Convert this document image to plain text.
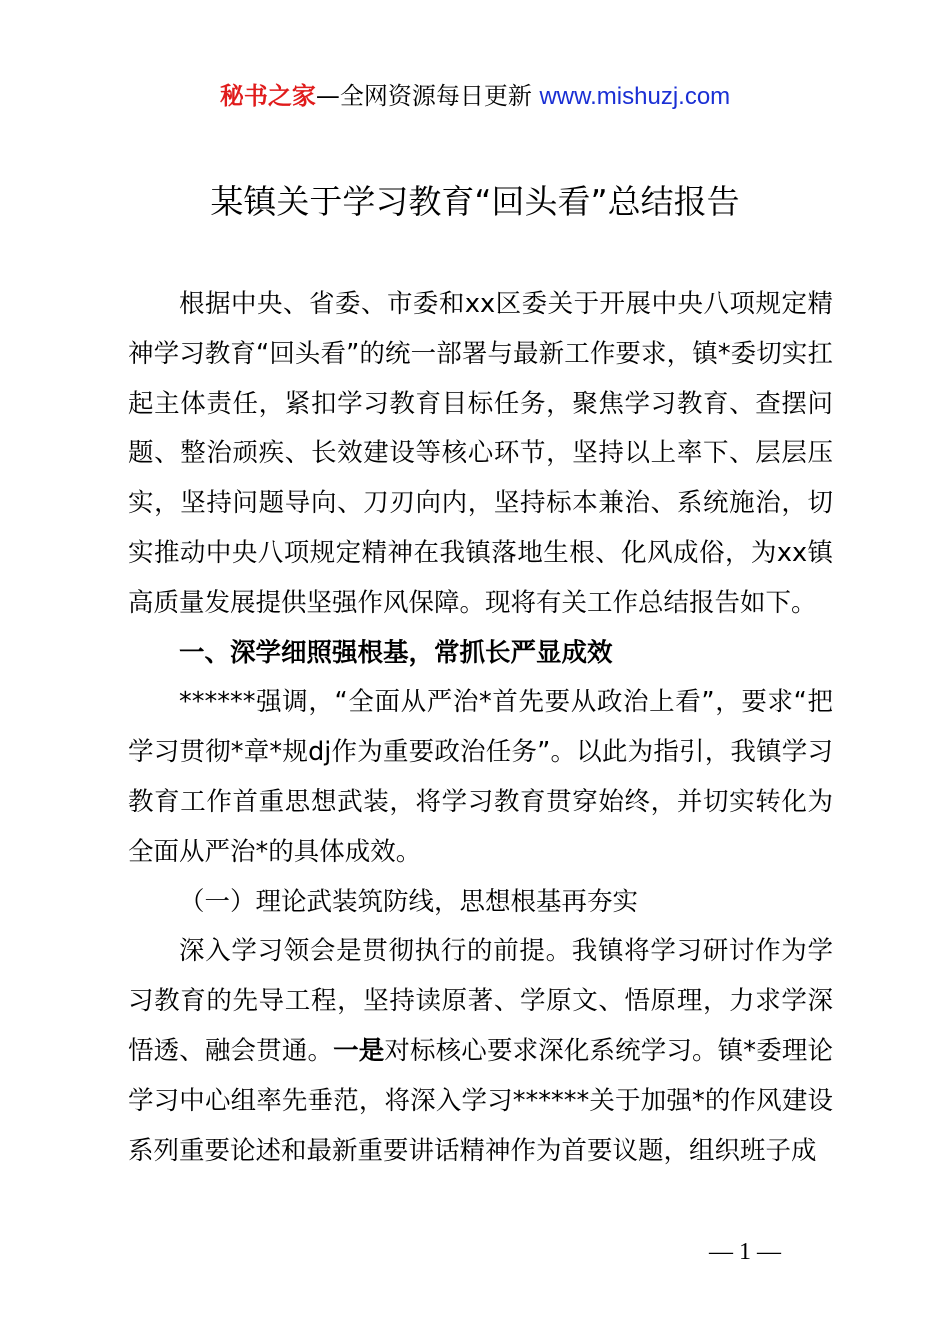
秘书之家—全网资源每日更新 www.mishuzj.com
某镇关于学习教育“回头看”总结报告

根据中央、省委、市委和xx区委关于开展中央八项规定精神学习教育“回头看”的统一部署与最新工作要求，镇*委切实扛起主体责任，紧扣学习教育目标任务，聚焦学习教育、查摆问题、整治顽疾、长效建设等核心环节，坚持以上率下、层层压实，坚持问题导向、刀刃向内，坚持标本兼治、系统施治，切实推动中央八项规定精神在我镇落地生根、化风成俗，为xx镇高质量发展提供坚强作风保障。现将有关工作总结报告如下。

一、深学细照强根基，常抓长严显成效

******强调，“全面从严治*首先要从政治上看”，要求“把学习贯彻*章*规dj作为重要政治任务”。以此为指引，我镇学习教育工作首重思想武装，将学习教育贯穿始终，并切实转化为全面从严治*的具体成效。

（一）理论武装筑防线，思想根基再夯实

深入学习领会是贯彻执行的前提。我镇将学习研讨作为学习教育的先导工程，坚持读原著、学原文、悟原理，力求学深悟透、融会贯通。一是对标核心要求深化系统学习。镇*委理论学习中心组率先垂范，将深入学习******关于加强*的作风建设系列重要论述和最新重要讲话精神作为首要议题，组织班子成

— 1 —
